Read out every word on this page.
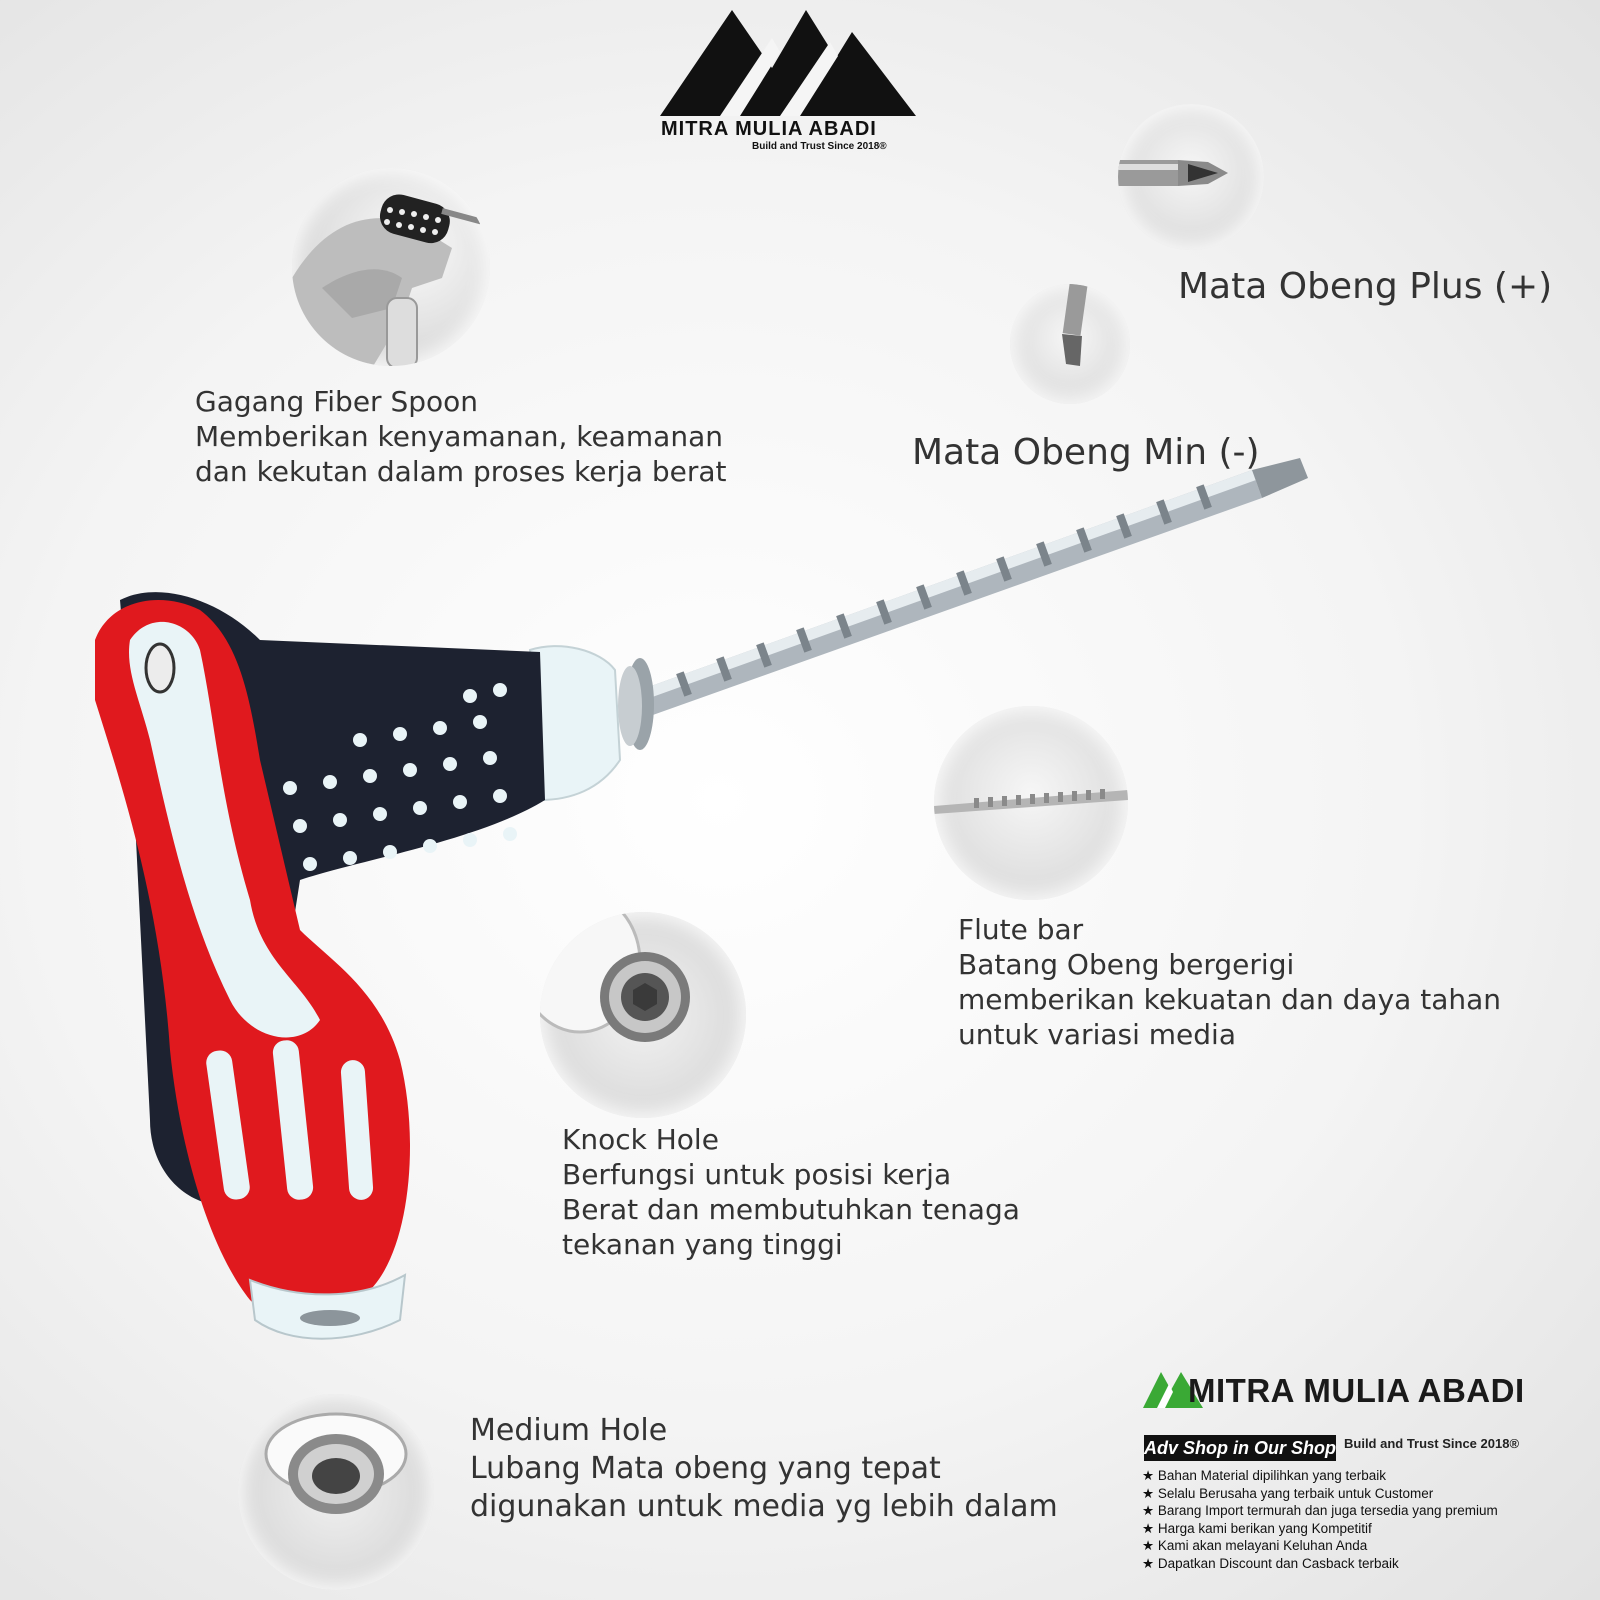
MITRA MULIA ABADI
Build and Trust Since 2018®
Gagang Fiber Spoon
Memberikan kenyamanan, keamanan
dan kekutan dalam proses kerja berat
Mata Obeng Plus (+)
Mata Obeng Min (-)
Flute bar
Batang Obeng bergerigi
memberikan kekuatan dan daya tahan
untuk variasi media
Knock Hole
Berfungsi untuk posisi kerja
Berat dan membutuhkan tenaga
tekanan yang tinggi
Medium Hole
Lubang Mata obeng yang tepat
digunakan untuk media yg lebih dalam
MITRA MULIA ABADI
Adv Shop in Our Shop Build and Trust Since 2018®
★ Bahan Material dipilihkan yang terbaik
★ Selalu Berusaha yang terbaik untuk Customer
★ Barang Import termurah dan juga tersedia yang premium
★ Harga kami berikan yang Kompetitif
★ Kami akan melayani Keluhan Anda
★ Dapatkan Discount dan Casback terbaik
